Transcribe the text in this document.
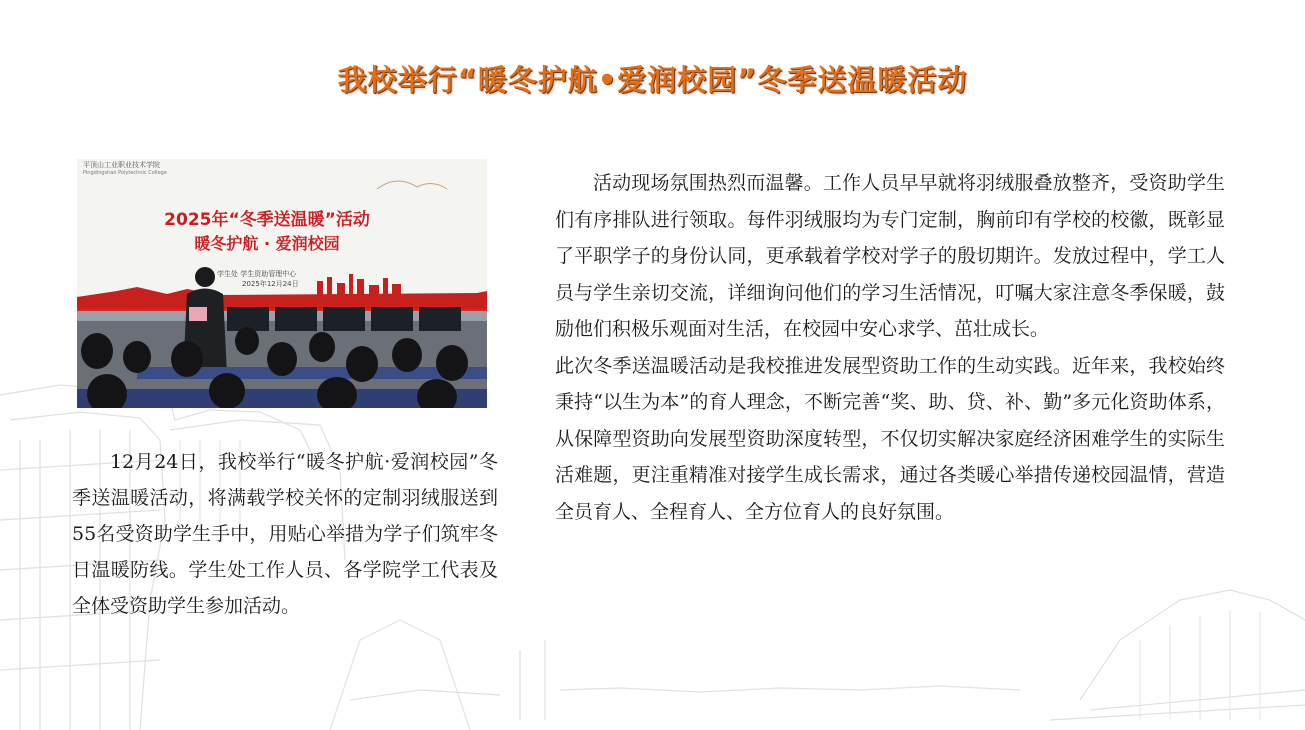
我校举行“暖冬护航•爱润校园”冬季送温暖活动
平顶山工业职业技术学院
Pingdingshan Polytechnic College
2025年“冬季送温暖”活动
暖冬护航 · 爱润校园
学生处 学生资助管理中心
2025年12月24日

12月24日，我校举行“暖冬护航·爱润校园”冬季送温暖活动，将满载学校关怀的定制羽绒服送到55名受资助学生手中，用贴心举措为学子们筑牢冬日温暖防线。学生处工作人员、各学院学工代表及全体受资助学生参加活动。

活动现场氛围热烈而温馨。工作人员早早就将羽绒服叠放整齐，受资助学生们有序排队进行领取。每件羽绒服均为专门定制，胸前印有学校的校徽，既彰显了平职学子的身份认同，更承载着学校对学子的殷切期许。发放过程中，学工人员与学生亲切交流，详细询问他们的学习生活情况，叮嘱大家注意冬季保暖，鼓励他们积极乐观面对生活，在校园中安心求学、茁壮成长。

此次冬季送温暖活动是我校推进发展型资助工作的生动实践。近年来，我校始终秉持“以生为本”的育人理念，不断完善“奖、助、贷、补、勤”多元化资助体系，从保障型资助向发展型资助深度转型，不仅切实解决家庭经济困难学生的实际生活难题，更注重精准对接学生成长需求，通过各类暖心举措传递校园温情，营造全员育人、全程育人、全方位育人的良好氛围。
